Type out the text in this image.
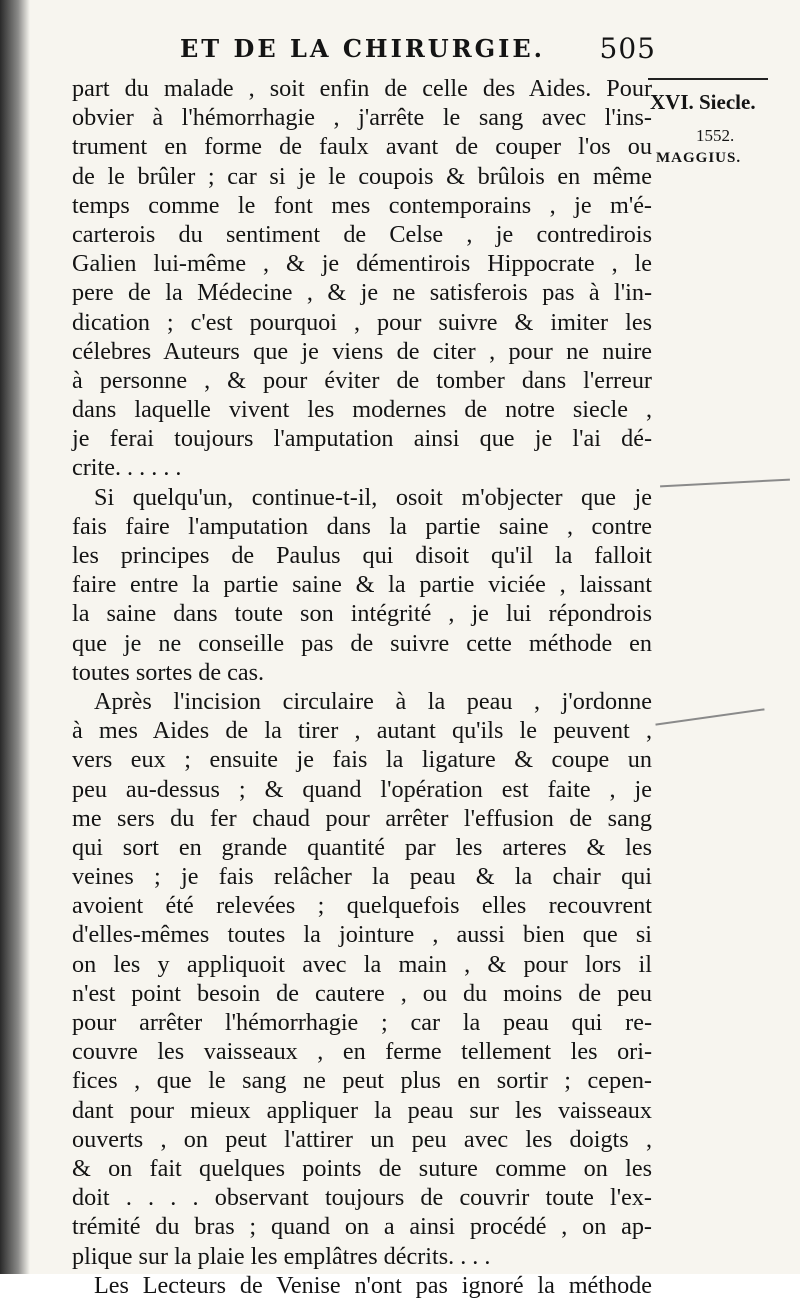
ET DE LA CHIRURGIE. 505
XVI. Siecle.
1552.
MAGGIUS.
part du malade , soit enfin de celle des Aides. Pour
obvier à l'hémorrhagie , j'arrête le sang avec l'ins-
trument en forme de faulx avant de couper l'os ou
de le brûler ; car si je le coupois & brûlois en même
temps comme le font mes contemporains , je m'é-
carterois du sentiment de Celse , je contredirois
Galien lui-même , & je démentirois Hippocrate , le
pere de la Médecine , & je ne satisferois pas à l'in-
dication ; c'est pourquoi , pour suivre & imiter les
célebres Auteurs que je viens de citer , pour ne nuire
à personne , & pour éviter de tomber dans l'erreur
dans laquelle vivent les modernes de notre siecle ,
je ferai toujours l'amputation ainsi que je l'ai dé-
crite. . . . . .
Si quelqu'un, continue-t-il, osoit m'objecter que je
fais faire l'amputation dans la partie saine , contre
les principes de Paulus qui disoit qu'il la falloit
faire entre la partie saine & la partie viciée , laissant
la saine dans toute son intégrité , je lui répondrois
que je ne conseille pas de suivre cette méthode en
toutes sortes de cas.
Après l'incision circulaire à la peau , j'ordonne
à mes Aides de la tirer , autant qu'ils le peuvent ,
vers eux ; ensuite je fais la ligature & coupe un
peu au-dessus ; & quand l'opération est faite , je
me sers du fer chaud pour arrêter l'effusion de sang
qui sort en grande quantité par les arteres & les
veines ; je fais relâcher la peau & la chair qui
avoient été relevées ; quelquefois elles recouvrent
d'elles-mêmes toutes la jointure , aussi bien que si
on les y appliquoit avec la main , & pour lors il
n'est point besoin de cautere , ou du moins de peu
pour arrêter l'hémorrhagie ; car la peau qui re-
couvre les vaisseaux , en ferme tellement les ori-
fices , que le sang ne peut plus en sortir ; cepen-
dant pour mieux appliquer la peau sur les vaisseaux
ouverts , on peut l'attirer un peu avec les doigts ,
& on fait quelques points de suture comme on les
doit . . . . observant toujours de couvrir toute l'ex-
trémité du bras ; quand on a ainsi procédé , on ap-
plique sur la plaie les emplâtres décrits. . . .
Les Lecteurs de Venise n'ont pas ignoré la méthode
